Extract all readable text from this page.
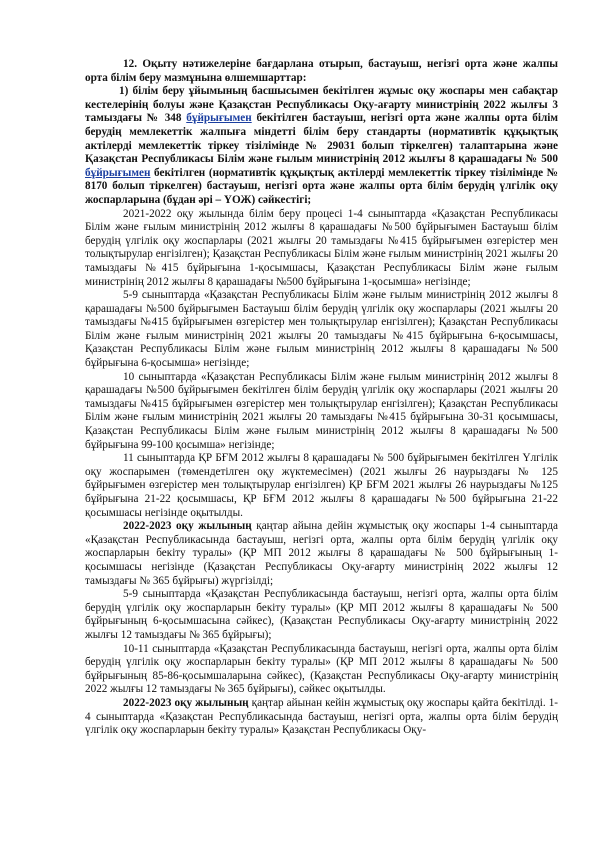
12. Оқыту нәтижелеріне бағдарлана отырып, бастауыш, негізгі орта және жалпы орта білім беру мазмұнына өлшемшарттар:

1) білім беру ұйымының басшысымен бекітілген жұмыс оқу жоспары мен сабақтар кестелерінің болуы және Қазақстан Республикасы Оқу-ағарту министрінің 2022 жылғы 3 тамыздағы № 348 бұйрығымен бекітілген бастауыш, негізгі орта және жалпы орта білім берудің мемлекеттік жалпыға міндетті білім беру стандарты (нормативтік құқықтық актілерді мемлекеттік тіркеу тізілімінде № 29031 болып тіркелген) талаптарына және Қазақстан Республикасы Білім және ғылым министрінің 2012 жылғы 8 қарашадағы № 500 бұйрығымен бекітілген (нормативтік құқықтық актілерді мемлекеттік тіркеу тізілімінде № 8170 болып тіркелген) бастауыш, негізгі орта және жалпы орта білім берудің үлгілік оқу жоспарларына (бұдан әрі – ҮОЖ) сәйкестігі;

2021-2022 оқу жылында білім беру процесі 1-4 сыныптарда «Қазақстан Республикасы Білім және ғылым министрінің 2012 жылғы 8 қарашадағы №500 бұйрығымен Бастауыш білім берудің үлгілік оқу жоспарлары (2021 жылғы 20 тамыздағы №415 бұйрығымен өзгерістер мен толықтырулар енгізілген); Қазақстан Республикасы Білім және ғылым министрінің 2021 жылғы 20 тамыздағы №415 бұйрығына 1-қосымшасы, Қазақстан Республикасы Білім және ғылым министрінің 2012 жылғы 8 қарашадағы №500 бұйрығына 1-қосымша» негізінде;

5-9 сыныптарда «Қазақстан Республикасы Білім және ғылым министрінің 2012 жылғы 8 қарашадағы №500 бұйрығымен Бастауыш білім берудің үлгілік оқу жоспарлары (2021 жылғы 20 тамыздағы №415 бұйрығымен өзгерістер мен толықтырулар енгізілген); Қазақстан Республикасы Білім және ғылым министрінің 2021 жылғы 20 тамыздағы №415 бұйрығына 6-қосымшасы, Қазақстан Республикасы Білім және ғылым министрінің 2012 жылғы 8 қарашадағы №500 бұйрығына 6-қосымша» негізінде;

10 сыныптарда «Қазақстан Республикасы Білім және ғылым министрінің 2012 жылғы 8 қарашадағы №500 бұйрығымен бекітілген білім берудің үлгілік оқу жоспарлары (2021 жылғы 20 тамыздағы №415 бұйрығымен өзгерістер мен толықтырулар енгізілген); Қазақстан Республикасы Білім және ғылым министрінің 2021 жылғы 20 тамыздағы №415 бұйрығына 30-31 қосымшасы, Қазақстан Республикасы Білім және ғылым министрінің 2012 жылғы 8 қарашадағы №500 бұйрығына 99-100 қосымша» негізінде;

11 сыныптарда ҚР БҒМ 2012 жылғы 8 қарашадағы № 500 бұйрығымен бекітілген Үлгілік оқу жоспарымен (төмендетілген оқу жүктемесімен) (2021 жылғы 26 наурыздағы № 125 бұйрығымен өзгерістер мен толықтырулар енгізілген) ҚР БҒМ 2021 жылғы 26 наурыздағы №125 бұйрығына 21-22 қосымшасы, ҚР БҒМ 2012 жылғы 8 қарашадағы №500 бұйрығына 21-22 қосымшасы негізінде оқытылды.

2022-2023 оқу жылының қаңтар айына дейін жұмыстық оқу жоспары 1-4 сыныптарда «Қазақстан Республикасында бастауыш, негізгі орта, жалпы орта білім берудің үлгілік оқу жоспарларын бекіту туралы» (ҚР МП 2012 жылғы 8 қарашадағы № 500 бұйрығының 1-қосымшасы негізінде (Қазақстан Республикасы Оқу-ағарту министрінің 2022 жылғы 12 тамыздағы № 365 бұйрығы) жүргізілді;

5-9 сыныптарда «Қазақстан Республикасында бастауыш, негізгі орта, жалпы орта білім берудің үлгілік оқу жоспарларын бекіту туралы» (ҚР МП 2012 жылғы 8 қарашадағы № 500 бұйрығының 6-қосымшасына сәйкес), (Қазақстан Республикасы Оқу-ағарту министрінің 2022 жылғы 12 тамыздағы № 365 бұйрығы);

10-11 сыныптарда «Қазақстан Республикасында бастауыш, негізгі орта, жалпы орта білім берудің үлгілік оқу жоспарларын бекіту туралы» (ҚР МП 2012 жылғы 8 қарашадағы № 500 бұйрығының 85-86-қосымшаларына сәйкес), (Қазақстан Республикасы Оқу-ағарту министрінің 2022 жылғы 12 тамыздағы № 365 бұйрығы), сәйкес оқытылды.

2022-2023 оқу жылының қаңтар айынан кейін жұмыстық оқу жоспары қайта бекітілді. 1-4 сыныптарда «Қазақстан Республикасында бастауыш, негізгі орта, жалпы орта білім берудің үлгілік оқу жоспарларын бекіту туралы» Қазақстан Республикасы Оқу-
